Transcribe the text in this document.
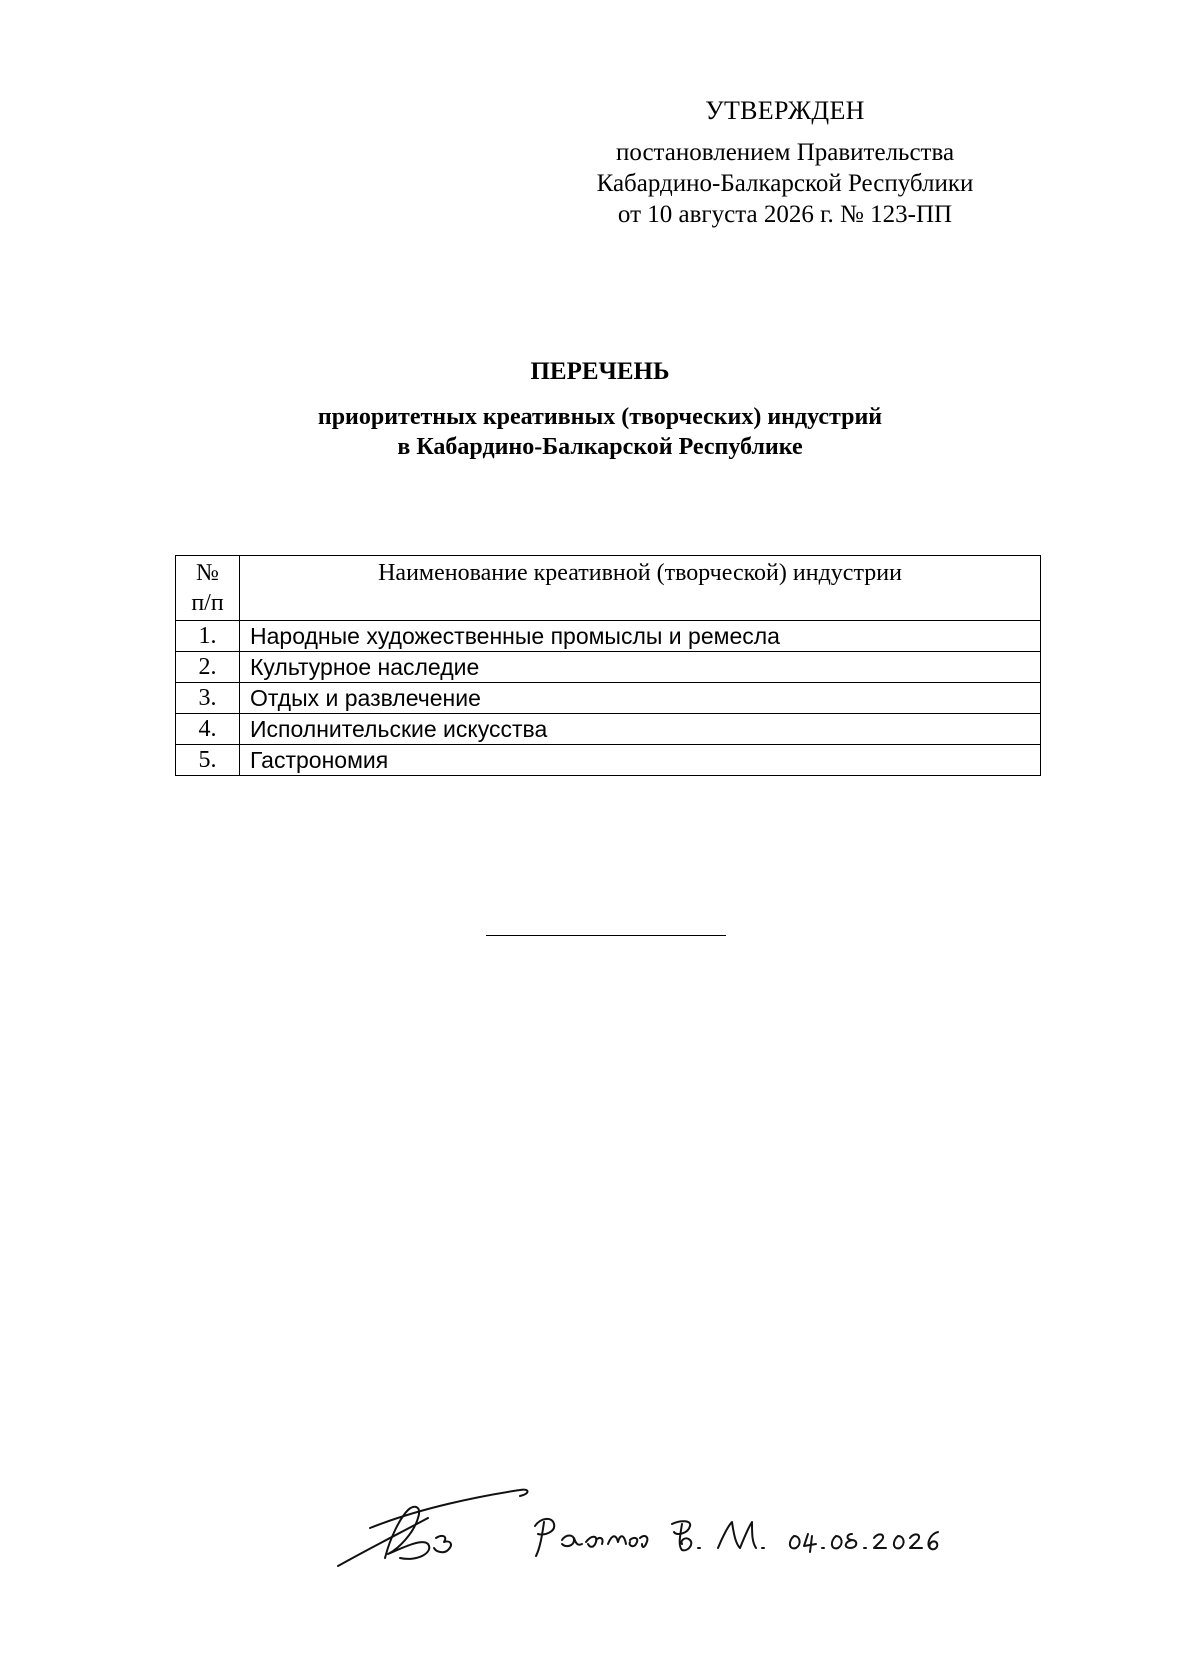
УТВЕРЖДЕН
постановлением Правительства
Кабардино-Балкарской Республики
от 10 августа 2026 г. № 123-ПП
ПЕРЕЧЕНЬ
приоритетных креативных (творческих) индустрий
в Кабардино-Балкарской Республике
№
п/п	Наименование креативной (творческой) индустрии
1.	Народные художественные промыслы и ремесла
2.	Культурное наследие
3.	Отдых и развлечение
4.	Исполнительские искусства
5.	Гастрономия
